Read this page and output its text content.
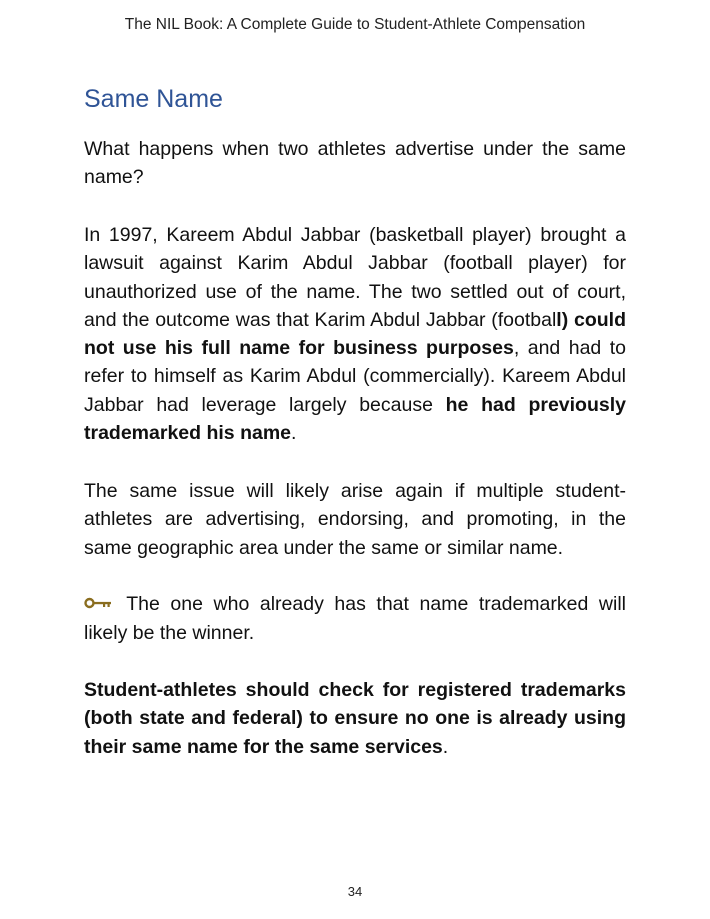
The NIL Book: A Complete Guide to Student-Athlete Compensation
Same Name

What happens when two athletes advertise under the same name?

In 1997, Kareem Abdul Jabbar (basketball player) brought a lawsuit against Karim Abdul Jabbar (football player) for unauthorized use of the name. The two settled out of court, and the outcome was that Karim Abdul Jabbar (football) could not use his full name for business purposes, and had to refer to himself as Karim Abdul (commercially). Kareem Abdul Jabbar had leverage largely because he had previously trademarked his name.

The same issue will likely arise again if multiple student-athletes are advertising, endorsing, and promoting, in the same geographic area under the same or similar name.

The one who already has that name trademarked will likely be the winner.

Student-athletes should check for registered trademarks (both state and federal) to ensure no one is already using their same name for the same services.

34
